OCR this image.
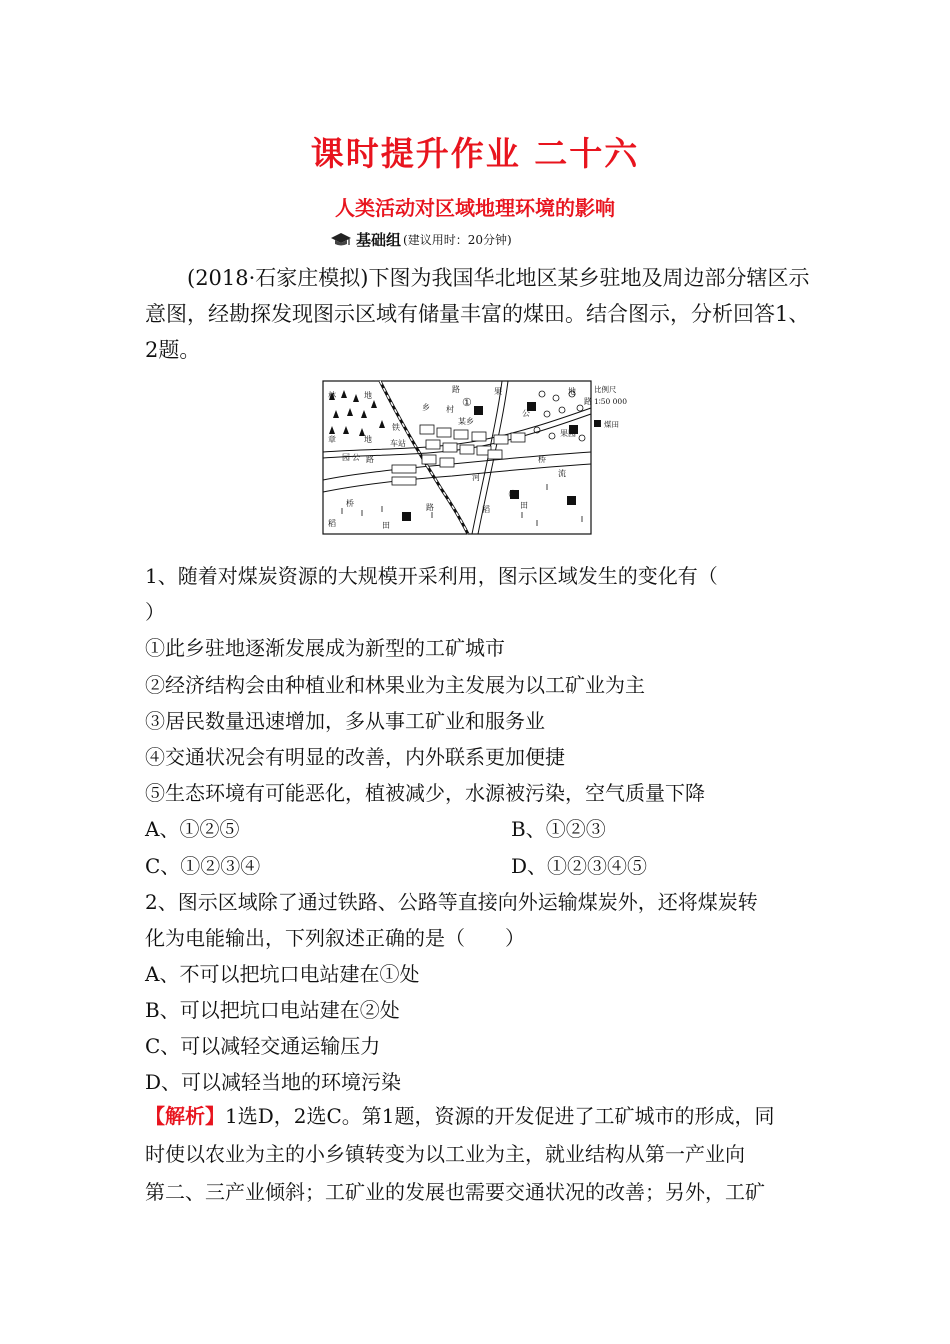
课时提升作业 二十六
人类活动对区域地理环境的影响
基础组 (建议用时：20分钟)
(2018·石家庄模拟)下图为我国华北地区某乡驻地及周边部分辖区示意图，经勘探发现图示区域有储量丰富的煤田。结合图示，分析回答1、2题。
①
②
林	地
路
村
果
公
地
路
乡
某乡
铁
车站
章	地
园 公 路
河	流
桥
稻
桥	路	稻
田
田
果园
比例尺
1∶50 000
煤田
1、随着对煤炭资源的大规模开采利用，图示区域发生的变化有（
）
①此乡驻地逐渐发展成为新型的工矿城市
②经济结构会由种植业和林果业为主发展为以工矿业为主
③居民数量迅速增加，多从事工矿业和服务业
④交通状况会有明显的改善，内外联系更加便捷
⑤生态环境有可能恶化，植被减少，水源被污染，空气质量下降
A、①②⑤	B、①②③
C、①②③④	D、①②③④⑤
2、图示区域除了通过铁路、公路等直接向外运输煤炭外，还将煤炭转
化为电能输出，下列叙述正确的是（　　）
A、不可以把坑口电站建在①处
B、可以把坑口电站建在②处
C、可以减轻交通运输压力
D、可以减轻当地的环境污染
【解析】1选D，2选C。第1题，资源的开发促进了工矿城市的形成，同
时使以农业为主的小乡镇转变为以工业为主，就业结构从第一产业向
第二、三产业倾斜；工矿业的发展也需要交通状况的改善；另外，工矿
